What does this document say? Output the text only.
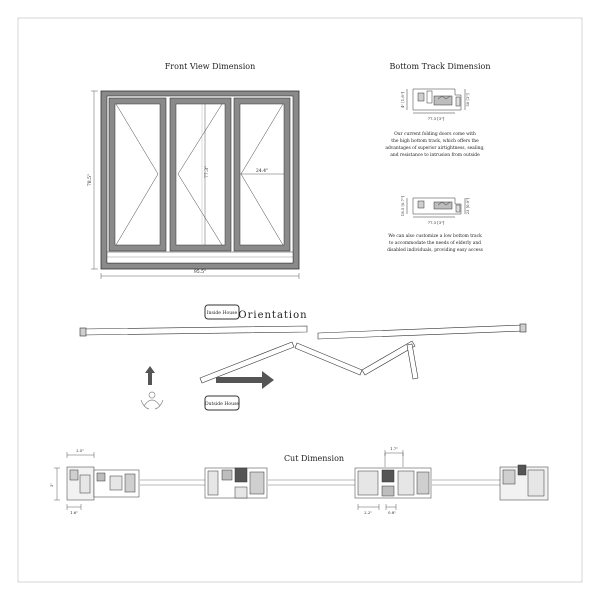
Front View Dimension
78.5"
95.5"
77.3"	24.4"
Bottom Track Dimension
4" [1.8"]	50 [2"]
77.3 [3"]
Our current folding doors come with
the high bottom track, which offers the
advantages of superior airtightness, sealing,
and resistance to intrusion from outside
18.5 [0.7"]	23 [0.9"]
77.3 [3"]
We can also customize a low bottom track
to accommodate the needs of elderly and
disabled individuals, providing easy access
Inside House Orientation
Outside House
Cut Dimension
2.5"	1.7"
3"
1.6"	2.2"	0.8"
